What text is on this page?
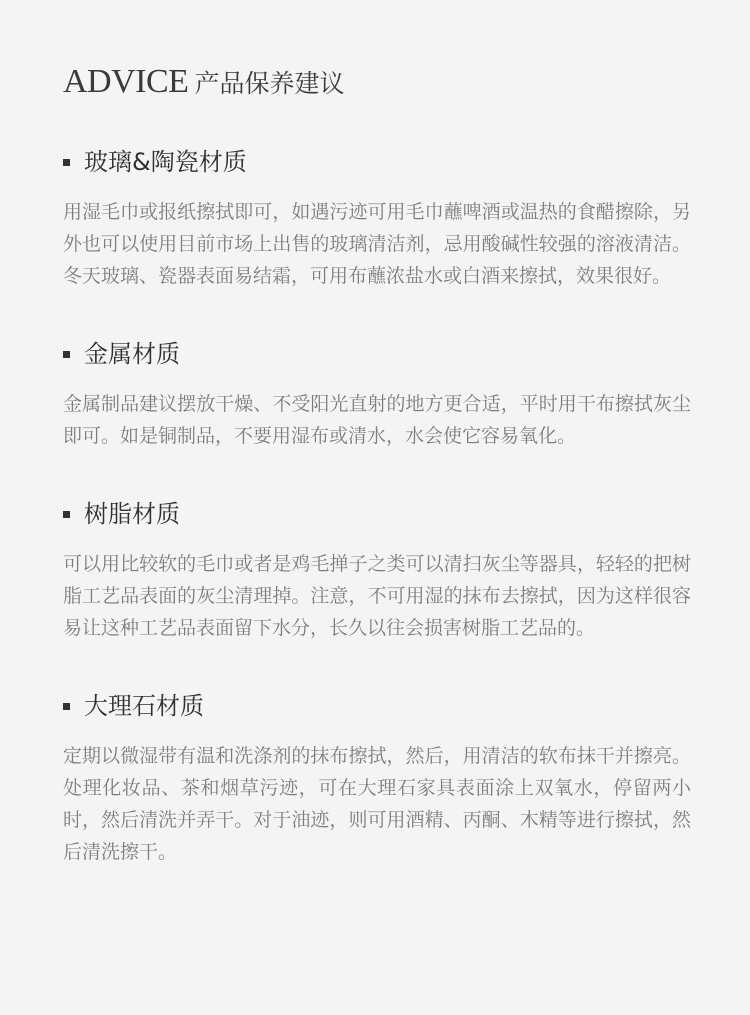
ADVICE 产品保养建议
玻璃&陶瓷材质

用湿毛巾或报纸擦拭即可，如遇污迹可用毛巾蘸啤酒或温热的食醋擦除，另外也可以使用目前市场上出售的玻璃清洁剂，忌用酸碱性较强的溶液清洁。冬天玻璃、瓷器表面易结霜，可用布蘸浓盐水或白酒来擦拭，效果很好。

金属材质

金属制品建议摆放干燥、不受阳光直射的地方更合适，平时用干布擦拭灰尘即可。如是铜制品，不要用湿布或清水，水会使它容易氧化。

树脂材质

可以用比较软的毛巾或者是鸡毛掸子之类可以清扫灰尘等器具，轻轻的把树脂工艺品表面的灰尘清理掉。注意，不可用湿的抹布去擦拭，因为这样很容易让这种工艺品表面留下水分，长久以往会损害树脂工艺品的。

大理石材质

定期以微湿带有温和洗涤剂的抹布擦拭，然后，用清洁的软布抹干并擦亮。处理化妆品、茶和烟草污迹，可在大理石家具表面涂上双氧水，停留两小时，然后清洗并弄干。对于油迹，则可用酒精、丙酮、木精等进行擦拭，然后清洗擦干。
